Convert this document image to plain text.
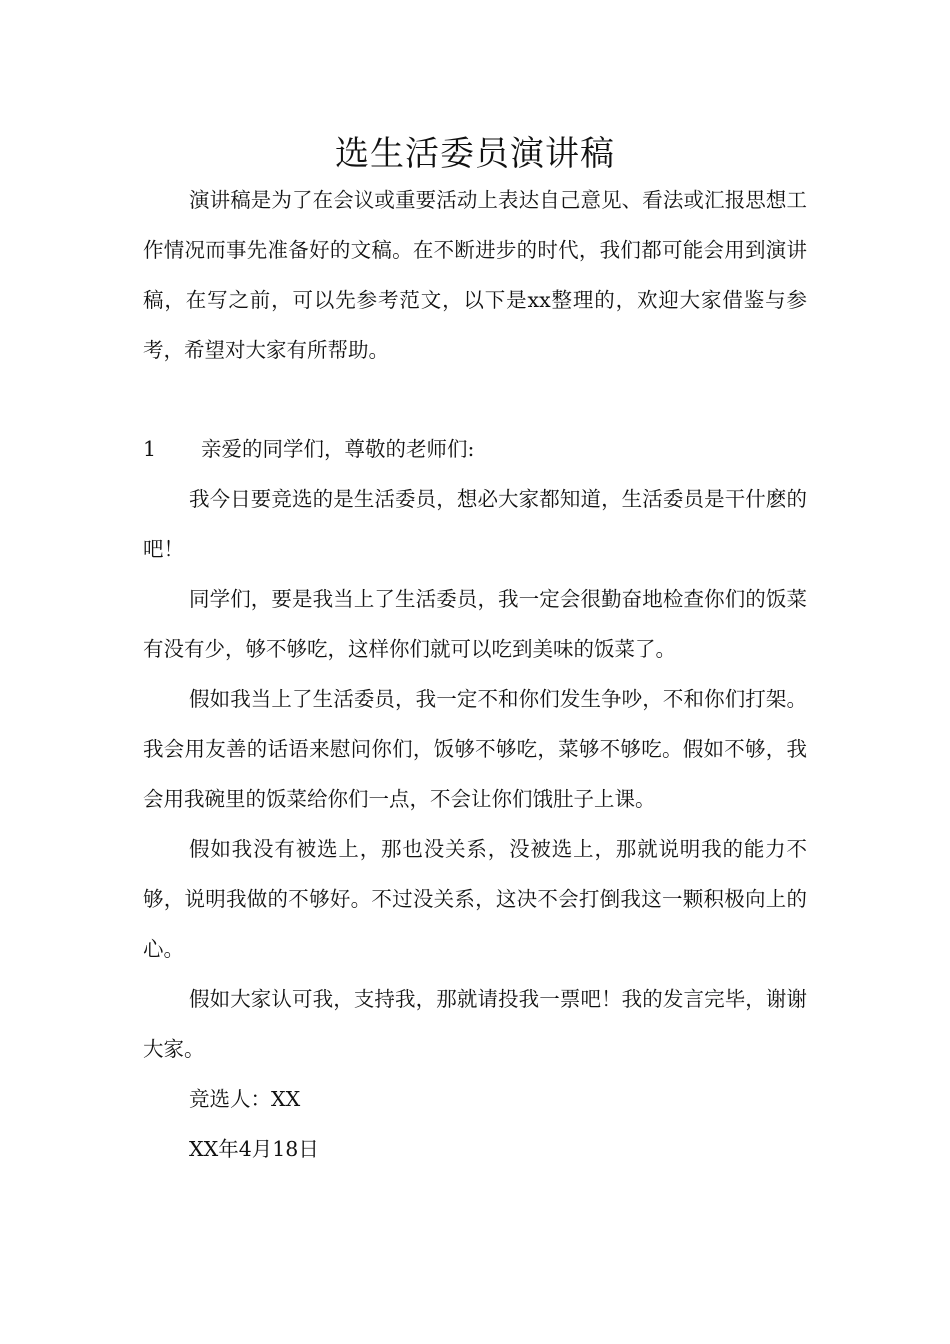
选生活委员演讲稿

演讲稿是为了在会议或重要活动上表达自己意见、看法或汇报思想工作情况而事先准备好的文稿。在不断进步的时代，我们都可能会用到演讲稿，在写之前，可以先参考范文，以下是xx整理的，欢迎大家借鉴与参考，希望对大家有所帮助。

1	亲爱的同学们，尊敬的老师们:

我今日要竞选的是生活委员，想必大家都知道，生活委员是干什麽的吧！

同学们，要是我当上了生活委员，我一定会很勤奋地检查你们的饭菜有没有少，够不够吃，这样你们就可以吃到美味的饭菜了。

假如我当上了生活委员，我一定不和你们发生争吵，不和你们打架。我会用友善的话语来慰问你们，饭够不够吃，菜够不够吃。假如不够，我会用我碗里的饭菜给你们一点，不会让你们饿肚子上课。

假如我没有被选上，那也没关系，没被选上，那就说明我的能力不够，说明我做的不够好。不过没关系，这决不会打倒我这一颗积极向上的心。

假如大家认可我，支持我，那就请投我一票吧！我的发言完毕，谢谢大家。

竞选人：XX

XX年4月18日
